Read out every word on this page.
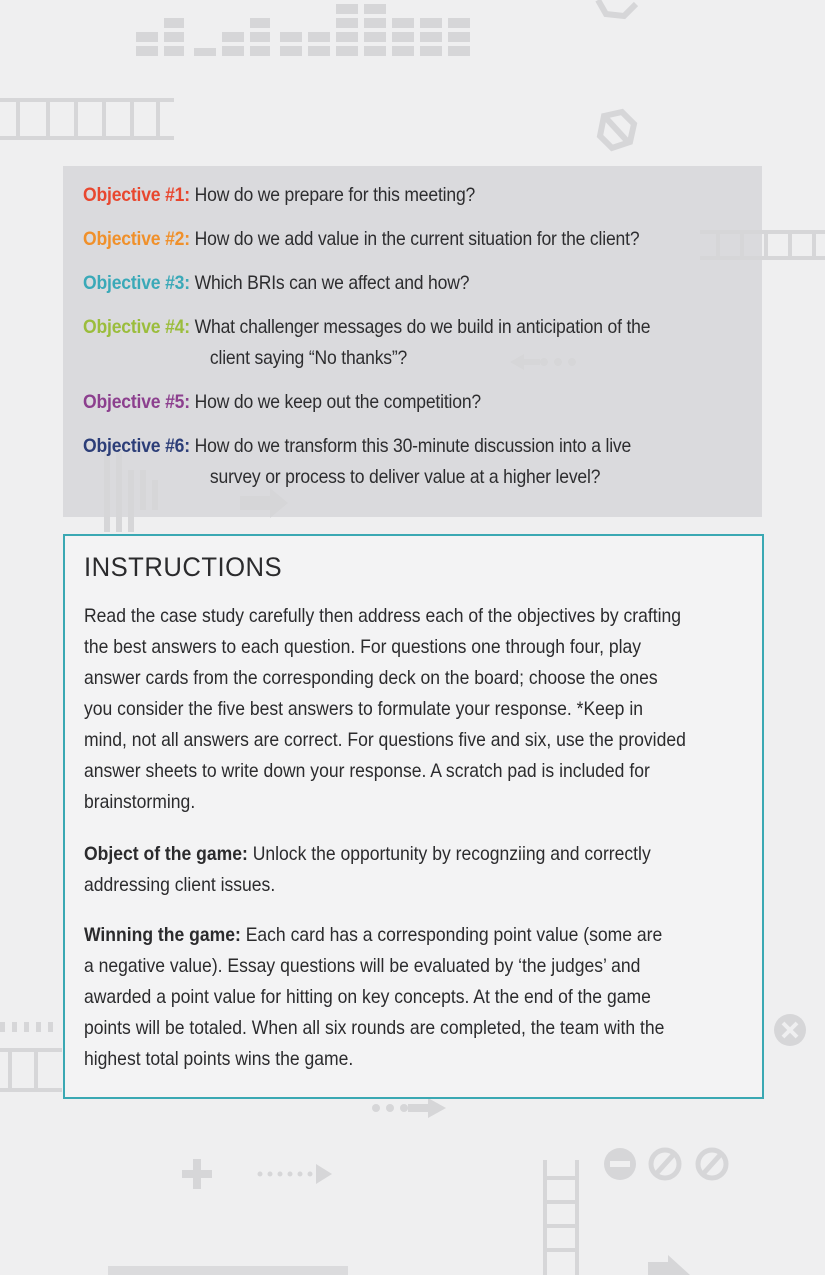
Objective #1: How do we prepare for this meeting?
Objective #2: How do we add value in the current situation for the client?
Objective #3: Which BRIs can we affect and how?
Objective #4: What challenger messages do we build in anticipation of the
client saying “No thanks”?
Objective #5: How do we keep out the competition?
Objective #6: How do we transform this 30-minute discussion into a live
survey or process to deliver value at a higher level?
INSTRUCTIONS
Read the case study carefully then address each of the objectives by crafting
the best answers to each question. For questions one through four, play
answer cards from the corresponding deck on the board; choose the ones
you consider the five best answers to formulate your response. *Keep in
mind, not all answers are correct. For questions five and six, use the provided
answer sheets to write down your response. A scratch pad is included for
brainstorming.
Object of the game: Unlock the opportunity by recognziing and correctly
addressing client issues.
Winning the game: Each card has a corresponding point value (some are
a negative value). Essay questions will be evaluated by ‘the judges’ and
awarded a point value for hitting on key concepts. At the end of the game
points will be totaled. When all six rounds are completed, the team with the
highest total points wins the game.
